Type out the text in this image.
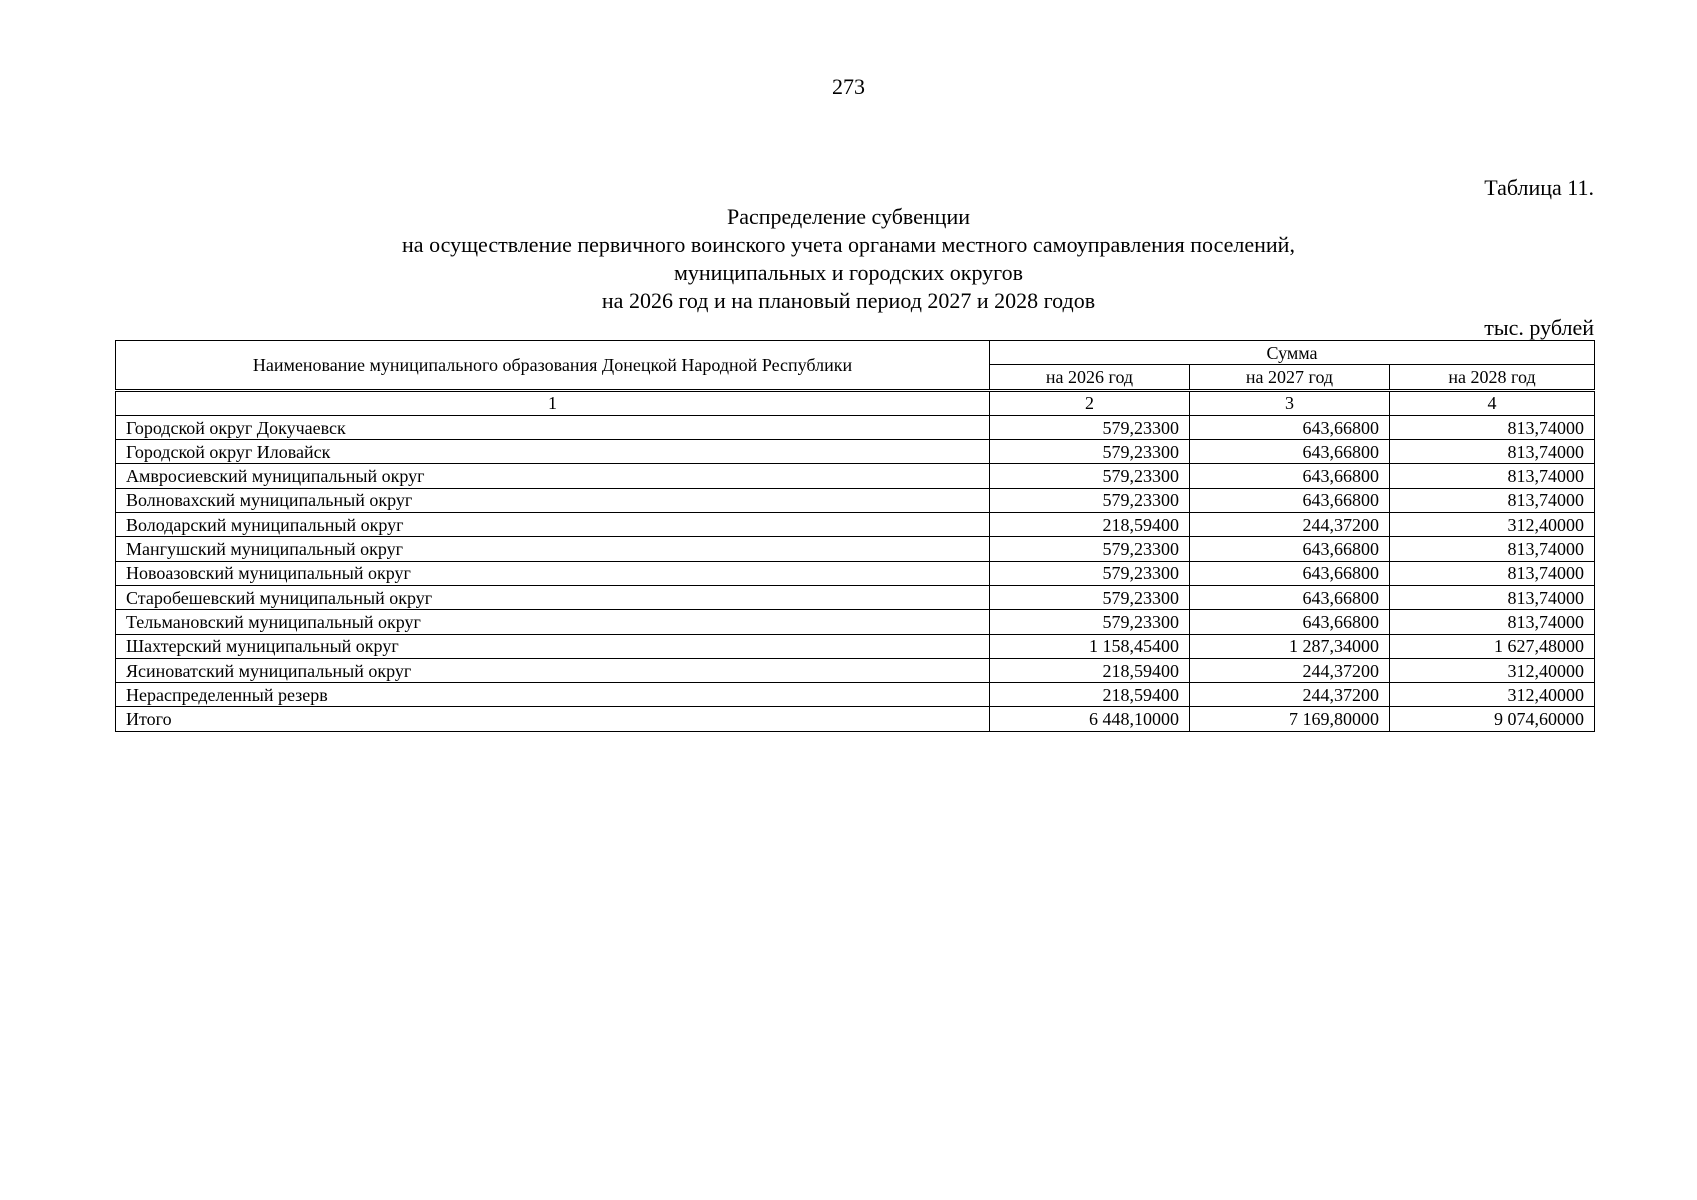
273
Таблица 11.
Распределение субвенции
на осуществление первичного воинского учета органами местного самоуправления поселений,
муниципальных и городских округов
на 2026 год и на плановый период 2027 и 2028 годов
тыс. рублей
Наименование муниципального образования Донецкой Народной Республики	Сумма		
	на 2026 год	на 2027 год	на 2028 год
1	2	3	4
Городской округ Докучаевск	579,23300	643,66800	813,74000
Городской округ Иловайск	579,23300	643,66800	813,74000
Амвросиевский муниципальный округ	579,23300	643,66800	813,74000
Волновахский муниципальный округ	579,23300	643,66800	813,74000
Володарский муниципальный округ	218,59400	244,37200	312,40000
Мангушский муниципальный округ	579,23300	643,66800	813,74000
Новоазовский муниципальный округ	579,23300	643,66800	813,74000
Старобешевский муниципальный округ	579,23300	643,66800	813,74000
Тельмановский муниципальный округ	579,23300	643,66800	813,74000
Шахтерский муниципальный округ	1 158,45400	1 287,34000	1 627,48000
Ясиноватский муниципальный округ	218,59400	244,37200	312,40000
Нераспределенный резерв	218,59400	244,37200	312,40000
Итого	6 448,10000	7 169,80000	9 074,60000
